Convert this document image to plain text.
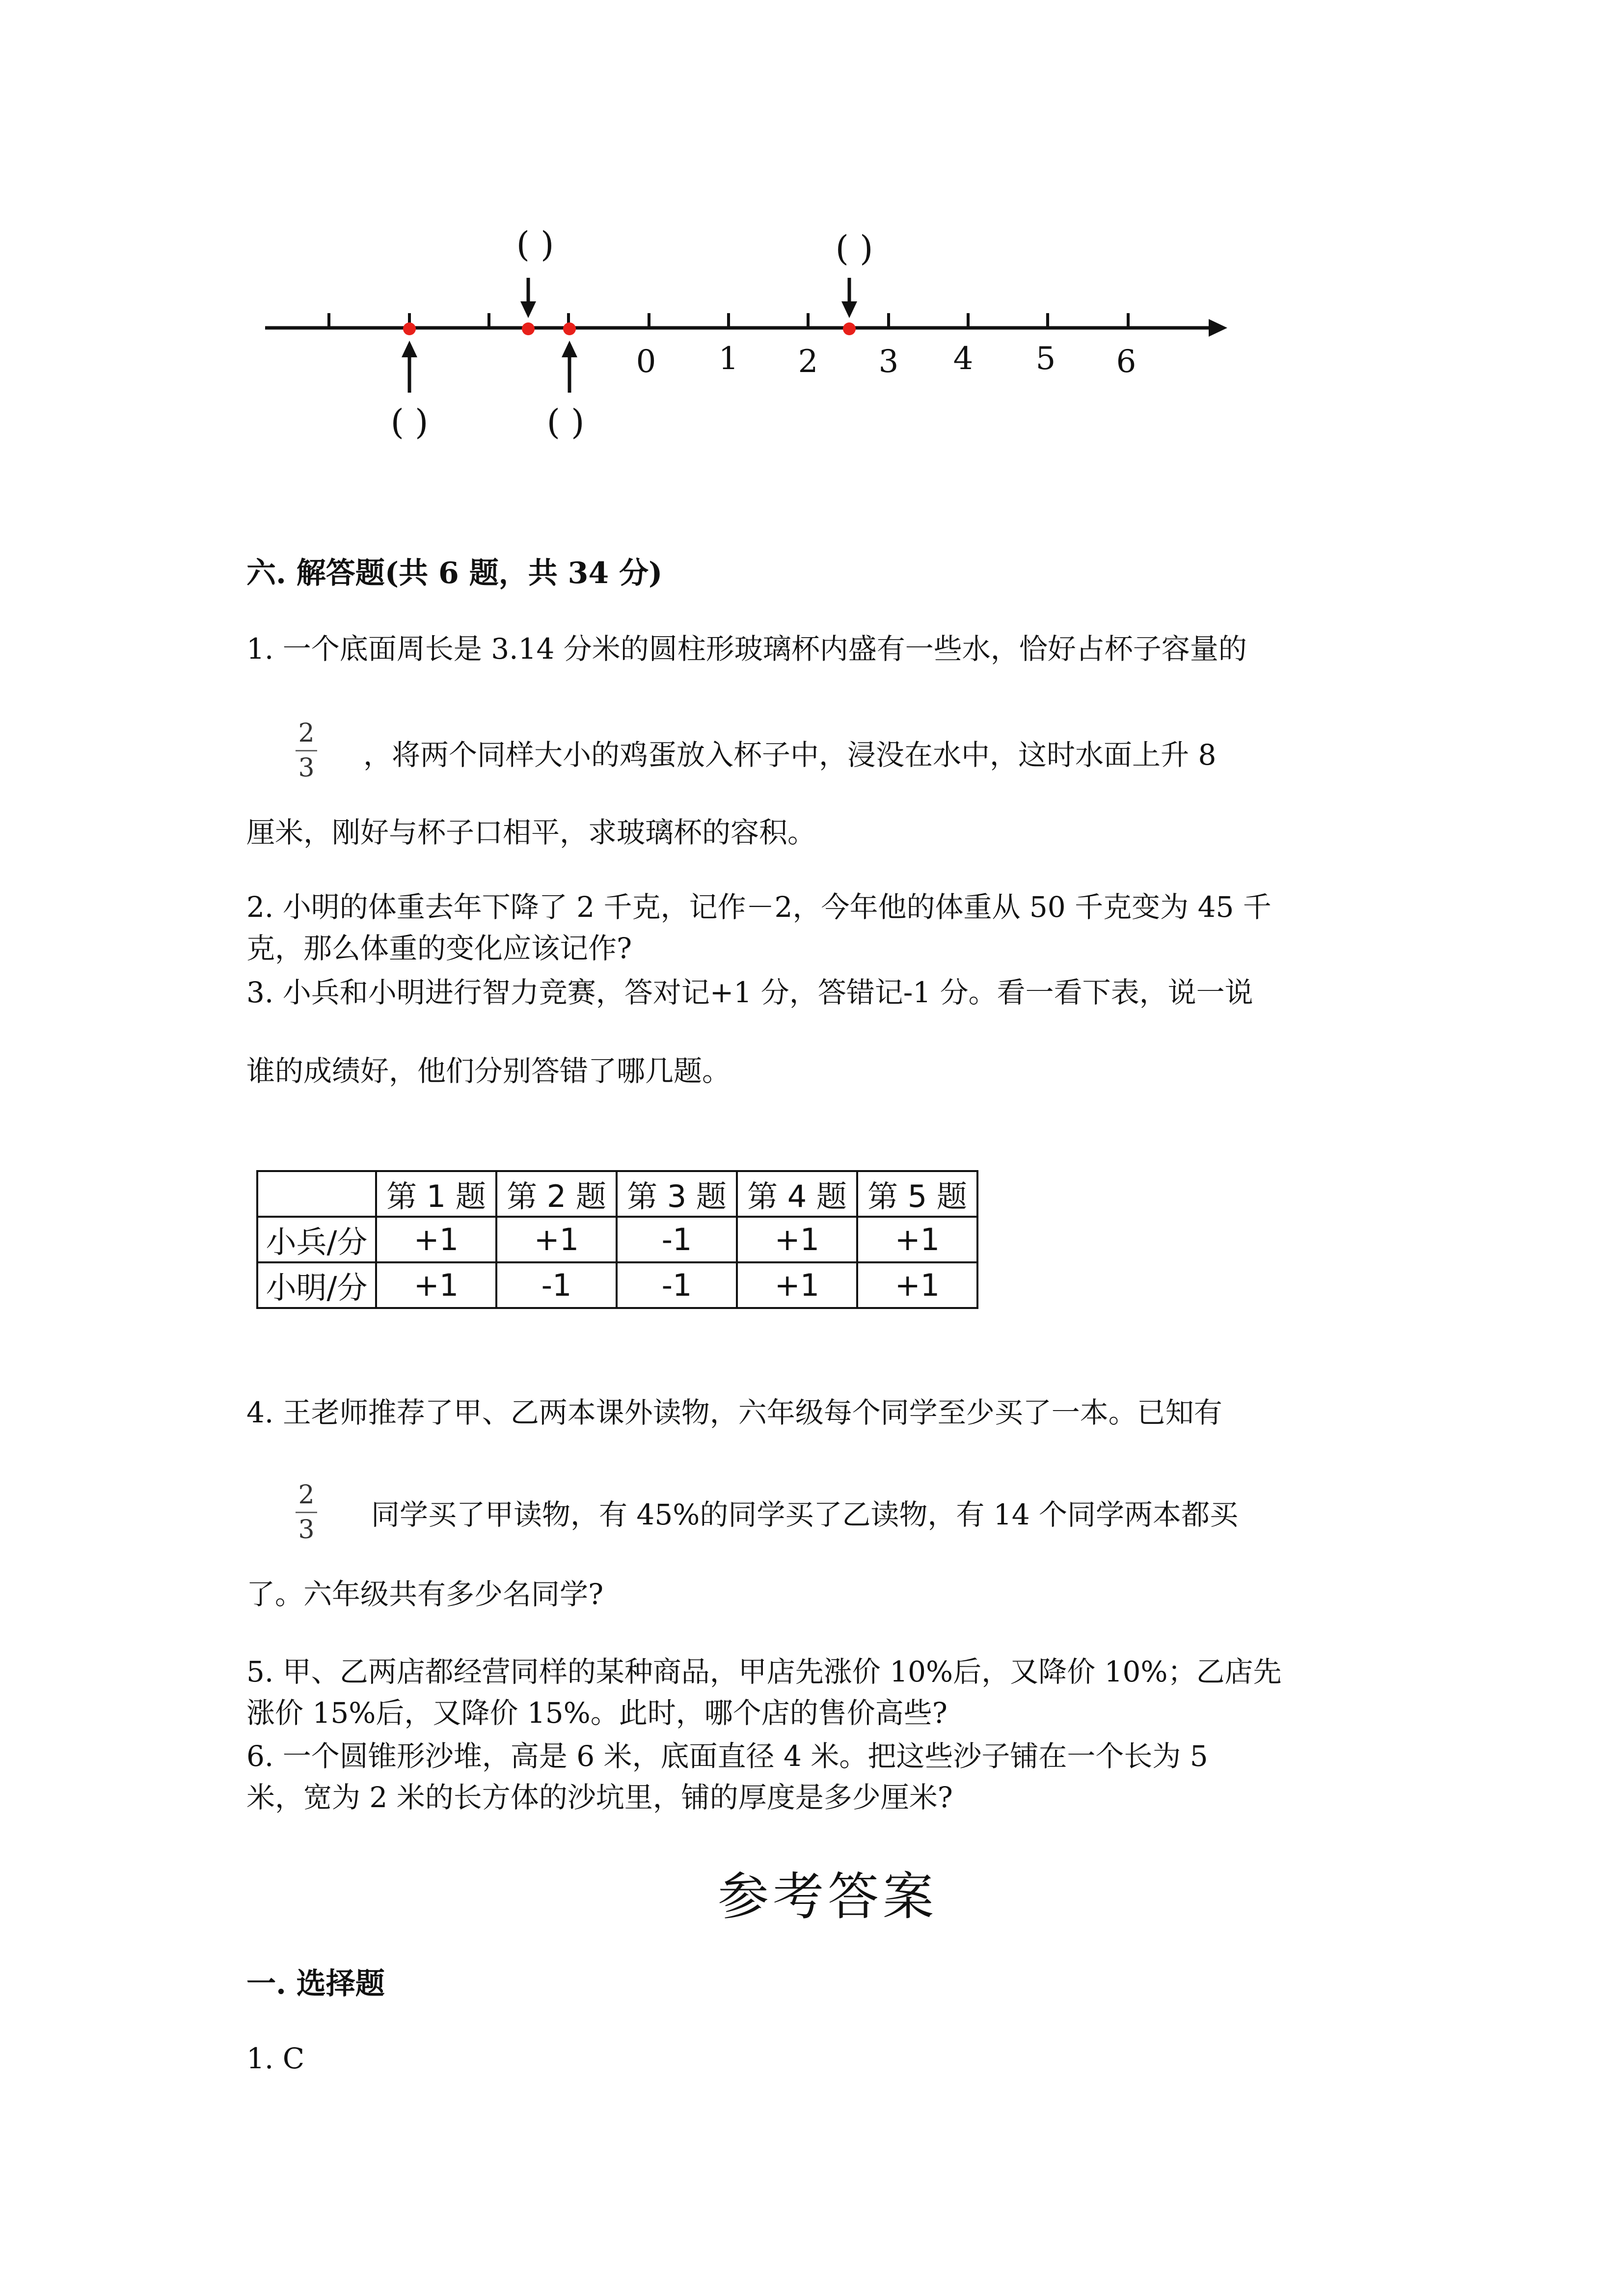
0 1 2 3 4 5 6
( )	( )
( )	( )
六. 解答题(共 6 题，共 34 分)
1. 一个底面周长是 3.14 分米的圆柱形玻璃杯内盛有一些水，恰好占杯子容量的
2
3 ，将两个同样大小的鸡蛋放入杯子中，浸没在水中，这时水面上升 8
厘米，刚好与杯子口相平，求玻璃杯的容积。
2. 小明的体重去年下降了 2 千克，记作－2，今年他的体重从 50 千克变为 45 千
克，那么体重的变化应该记作?
3. 小兵和小明进行智力竞赛，答对记+1 分，答错记-1 分。看一看下表，说一说
谁的成绩好，他们分别答错了哪几题。
	第 1 题	第 2 题	第 3 题	第 4 题	第 5 题
小兵/分	+1	+1	-1	+1	+1
小明/分	+1	-1	-1	+1	+1
4. 王老师推荐了甲、乙两本课外读物，六年级每个同学至少买了一本。已知有
2
3 同学买了甲读物，有 45%的同学买了乙读物，有 14 个同学两本都买
了。六年级共有多少名同学?
5. 甲、乙两店都经营同样的某种商品，甲店先涨价 10%后，又降价 10%；乙店先
涨价 15%后，又降价 15%。此时，哪个店的售价高些?
6. 一个圆锥形沙堆，高是 6 米，底面直径 4 米。把这些沙子铺在一个长为 5
米，宽为 2 米的长方体的沙坑里，铺的厚度是多少厘米?
参考答案
一. 选择题
1. C
